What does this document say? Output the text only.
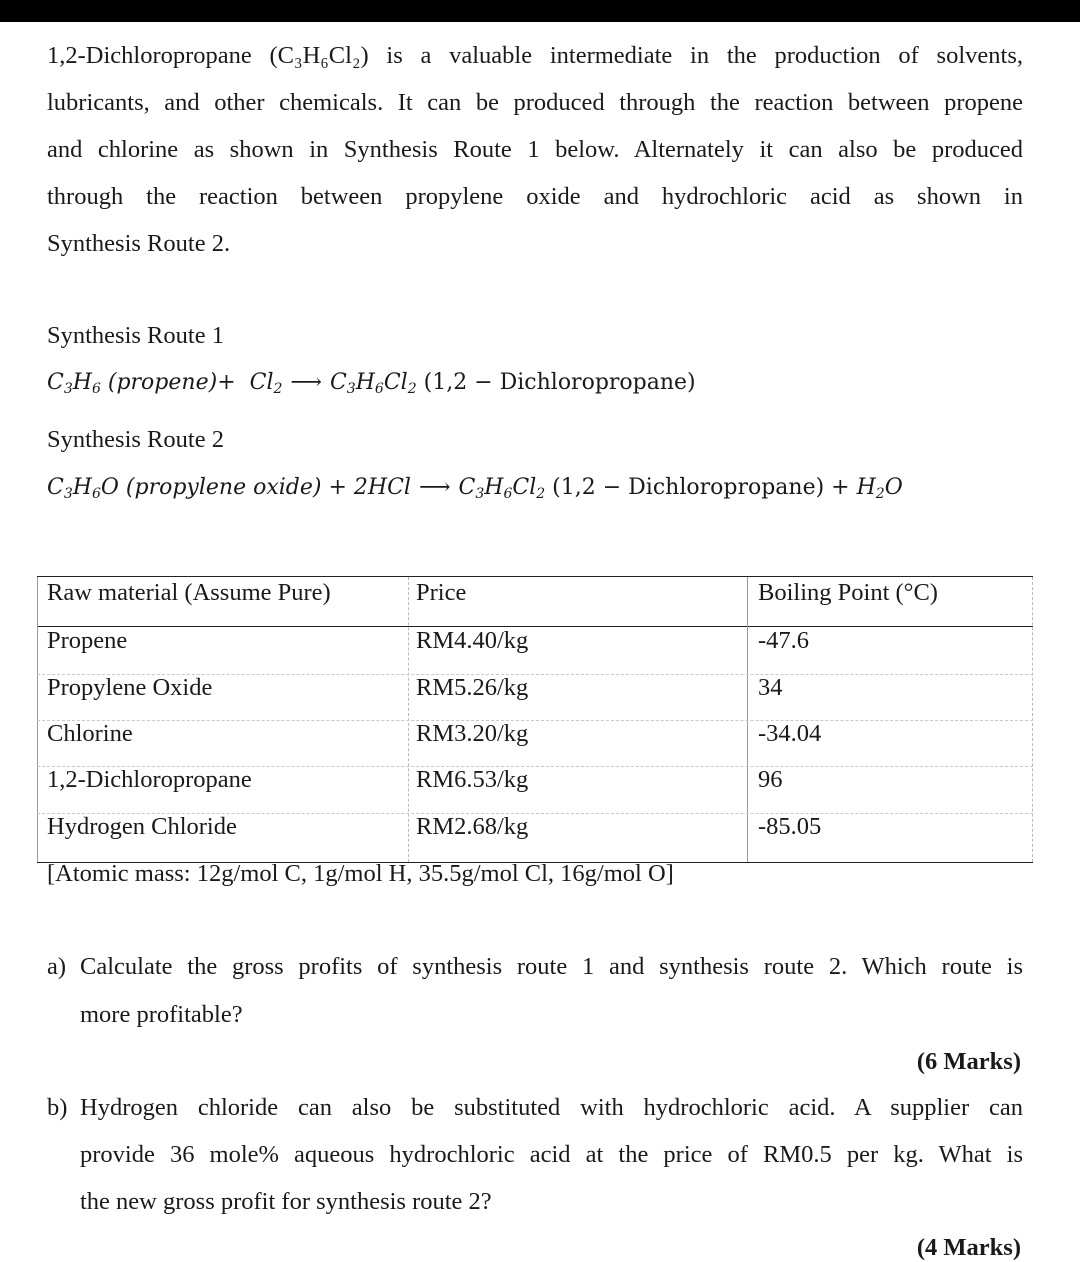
1,2-Dichloropropane (C₃H₆Cl₂) is a valuable intermediate in the production of solvents,
lubricants, and other chemicals. It can be produced through the reaction between propene
and chlorine as shown in Synthesis Route 1 below. Alternately it can also be produced
through the reaction between propylene oxide and hydrochloric acid as shown in
Synthesis Route 2.
Synthesis Route 1
$C_3H_6$ (propene)+  $Cl_2$ ⟶ $C_3H_6Cl_2$ (1,2 − Dichloropropane)
Synthesis Route 2
$C_3H_6O$ (propylene oxide) + 2HCl ⟶ $C_3H_6Cl_2$ (1,2 − Dichloropropane) + $H_2O$
Raw material (Assume Pure)	Price	Boiling Point (°C)
Propene	RM4.40/kg	-47.6
Propylene Oxide	RM5.26/kg	34
Chlorine	RM3.20/kg	-34.04
1,2-Dichloropropane	RM6.53/kg	96
Hydrogen Chloride	RM2.68/kg	-85.05
[Atomic mass: 12g/mol C, 1g/mol H, 35.5g/mol Cl, 16g/mol O]
a) Calculate the gross profits of synthesis route 1 and synthesis route 2. Which route is
more profitable?
(6 Marks)
b) Hydrogen chloride can also be substituted with hydrochloric acid. A supplier can
provide 36 mole% aqueous hydrochloric acid at the price of RM0.5 per kg. What is
the new gross profit for synthesis route 2?
(4 Marks)
